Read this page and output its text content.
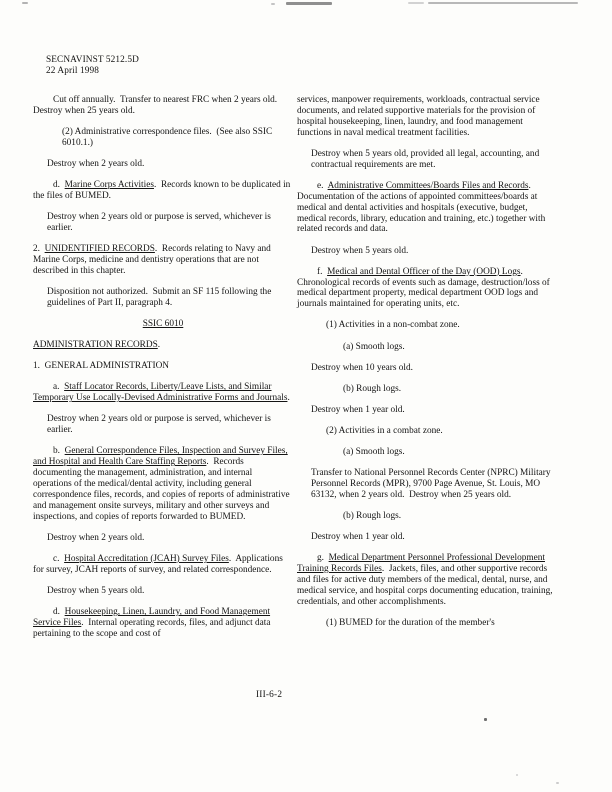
SECNAVINST 5212.5D
22 April 1998

Cut off annually.  Transfer to nearest FRC when 2 years old.  Destroy when 25 years old.

(2) Administrative correspondence files.  (See also SSIC 6010.1.)

Destroy when 2 years old.

d.  Marine Corps Activities.  Records known to be duplicated in the files of BUMED.

Destroy when 2 years old or purpose is served, whichever is earlier.

2.  UNIDENTIFIED RECORDS.  Records relating to Navy and Marine Corps, medicine and dentistry operations that are not described in this chapter.

Disposition not authorized.  Submit an SF 115 following the guidelines of Part II, paragraph 4.

SSIC 6010

ADMINISTRATION RECORDS.

1.  GENERAL ADMINISTRATION

a.  Staff Locator Records, Liberty/Leave Lists, and Similar Temporary Use Locally-Devised Administrative Forms and Journals.

Destroy when 2 years old or purpose is served, whichever is earlier.

b.  General Correspondence Files, Inspection and Survey Files, and Hospital and Health Care Staffing Reports.  Records documenting the management, administration, and internal operations of the medical/dental activity, including general correspondence files, records, and copies of reports of administrative and management onsite surveys, military and other surveys and inspections, and copies of reports forwarded to BUMED.

Destroy when 2 years old.

c.  Hospital Accreditation (JCAH) Survey Files.  Applications for survey, JCAH reports of survey, and related correspondence.

Destroy when 5 years old.

d.  Housekeeping, Linen, Laundry, and Food Management Service Files.  Internal operating records, files, and adjunct data pertaining to the scope and cost of

services, manpower requirements, workloads, contractual service documents, and related supportive materials for the provision of hospital housekeeping, linen, laundry, and food management functions in naval medical treatment facilities.

Destroy when 5 years old, provided all legal, accounting, and contractual requirements are met.

e.  Administrative Committees/Boards Files and Records.  Documentation of the actions of appointed committees/boards at medical and dental activities and hospitals (executive, budget, medical records, library, education and training, etc.) together with related records and data.

Destroy when 5 years old.

f.  Medical and Dental Officer of the Day (OOD) Logs.  Chronological records of events such as damage, destruction/loss of medical department property, medical department OOD logs and journals maintained for operating units, etc.

(1) Activities in a non-combat zone.

(a) Smooth logs.

Destroy when 10 years old.

(b) Rough logs.

Destroy when 1 year old.

(2) Activities in a combat zone.

(a) Smooth logs.

Transfer to National Personnel Records Center (NPRC) Military Personnel Records (MPR), 9700 Page Avenue, St. Louis, MO 63132, when 2 years old.  Destroy when 25 years old.

(b) Rough logs.

Destroy when 1 year old.

g.  Medical Department Personnel Professional Development Training Records Files.  Jackets, files, and other supportive records and files for active duty members of the medical, dental, nurse, and medical service, and hospital corps documenting education, training, credentials, and other accomplishments.

(1) BUMED for the duration of the member's

III-6-2
